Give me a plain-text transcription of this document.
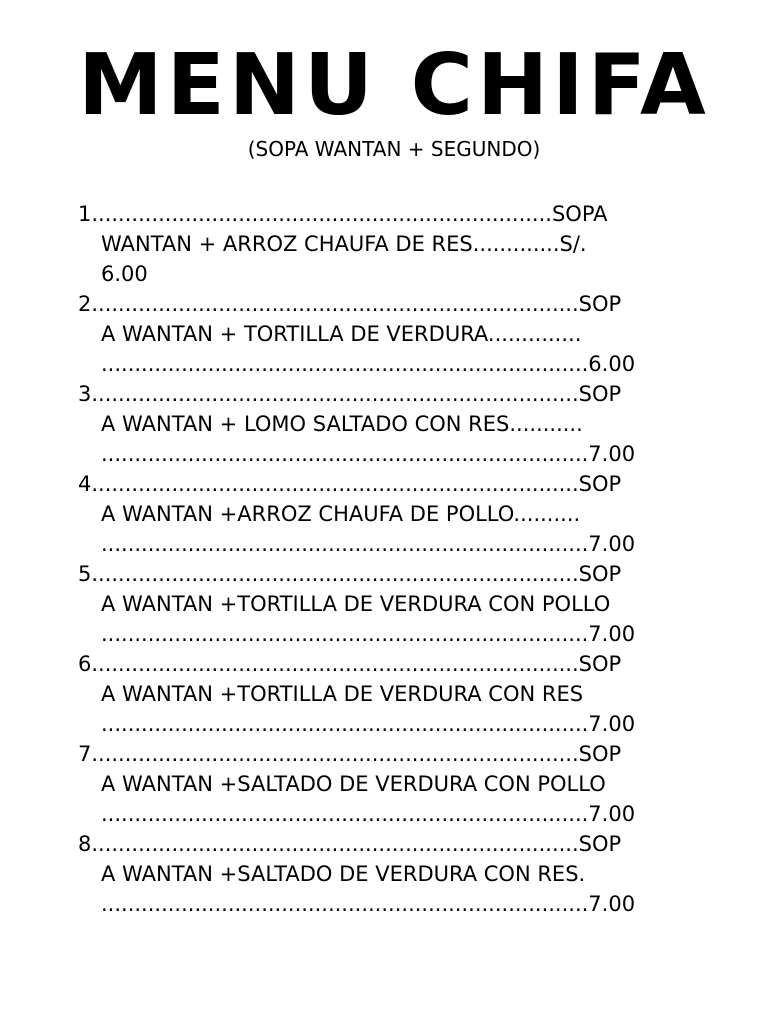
MENU CHIFA
(SOPA WANTAN + SEGUNDO)
1.....................................................................SOPA
WANTAN + ARROZ CHAUFA DE RES.............S/.
6.00
2.........................................................................SOP
A WANTAN + TORTILLA DE VERDURA..............
.........................................................................6.00
3.........................................................................SOP
A WANTAN + LOMO SALTADO CON RES...........
.........................................................................7.00
4.........................................................................SOP
A WANTAN +ARROZ CHAUFA DE POLLO..........
.........................................................................7.00
5.........................................................................SOP
A WANTAN +TORTILLA DE VERDURA CON POLLO
.........................................................................7.00
6.........................................................................SOP
A WANTAN +TORTILLA DE VERDURA CON RES
.........................................................................7.00
7.........................................................................SOP
A WANTAN +SALTADO DE VERDURA CON POLLO
.........................................................................7.00
8.........................................................................SOP
A WANTAN +SALTADO DE VERDURA CON RES.
.........................................................................7.00
